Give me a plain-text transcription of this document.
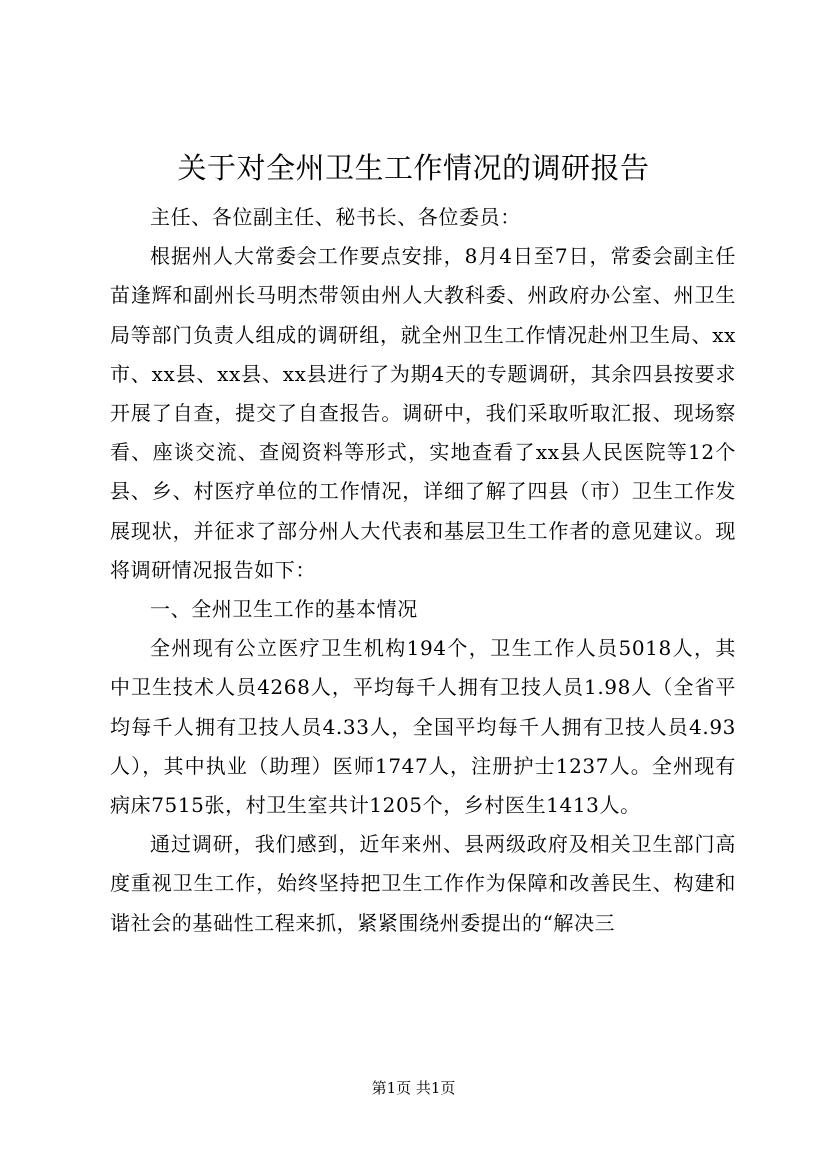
关于对全州卫生工作情况的调研报告

主任、各位副主任、秘书长、各位委员：

根据州人大常委会工作要点安排，8月4日至7日，常委会副主任苗逢辉和副州长马明杰带领由州人大教科委、州政府办公室、州卫生局等部门负责人组成的调研组，就全州卫生工作情况赴州卫生局、xx市、xx县、xx县、xx县进行了为期4天的专题调研，其余四县按要求开展了自查，提交了自查报告。调研中，我们采取听取汇报、现场察看、座谈交流、查阅资料等形式，实地查看了xx县人民医院等12个县、乡、村医疗单位的工作情况，详细了解了四县（市）卫生工作发展现状，并征求了部分州人大代表和基层卫生工作者的意见建议。现将调研情况报告如下：

一、全州卫生工作的基本情况

全州现有公立医疗卫生机构194个，卫生工作人员5018人，其中卫生技术人员4268人，平均每千人拥有卫技人员1.98人（全省平均每千人拥有卫技人员4.33人，全国平均每千人拥有卫技人员4.93人），其中执业（助理）医师1747人，注册护士1237人。全州现有病床7515张，村卫生室共计1205个，乡村医生1413人。

通过调研，我们感到，近年来州、县两级政府及相关卫生部门高度重视卫生工作，始终坚持把卫生工作作为保障和改善民生、构建和谐社会的基础性工程来抓，紧紧围绕州委提出的“解决三

第1页 共1页
